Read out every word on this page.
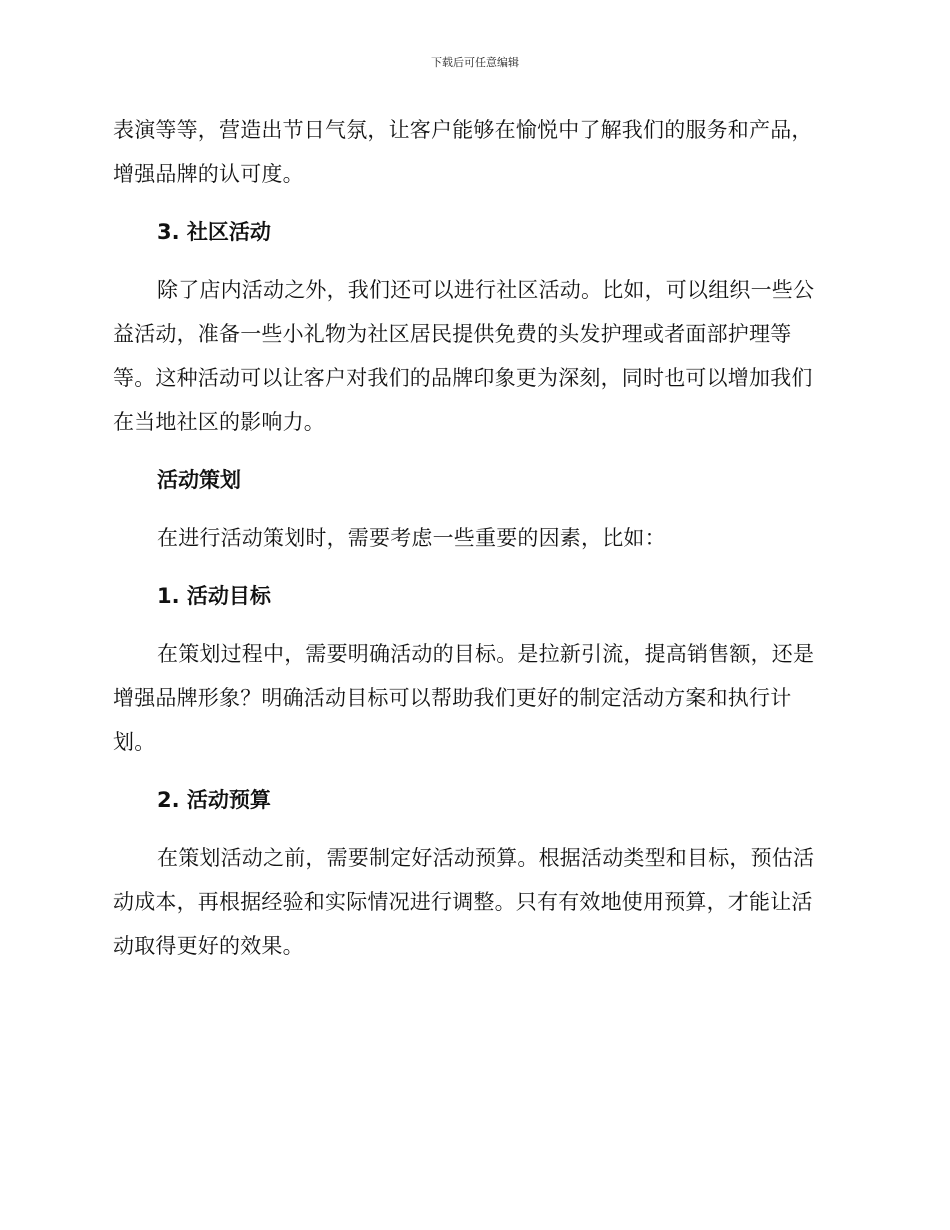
下载后可任意编辑

表演等等，营造出节日气氛，让客户能够在愉悦中了解我们的服务和产品，增强品牌的认可度。

3. 社区活动

除了店内活动之外，我们还可以进行社区活动。比如，可以组织一些公益活动，准备一些小礼物为社区居民提供免费的头发护理或者面部护理等等。这种活动可以让客户对我们的品牌印象更为深刻，同时也可以增加我们在当地社区的影响力。

活动策划

在进行活动策划时，需要考虑一些重要的因素，比如：

1. 活动目标

在策划过程中，需要明确活动的目标。是拉新引流，提高销售额，还是增强品牌形象？明确活动目标可以帮助我们更好的制定活动方案和执行计划。

2. 活动预算

在策划活动之前，需要制定好活动预算。根据活动类型和目标，预估活动成本，再根据经验和实际情况进行调整。只有有效地使用预算，才能让活动取得更好的效果。
